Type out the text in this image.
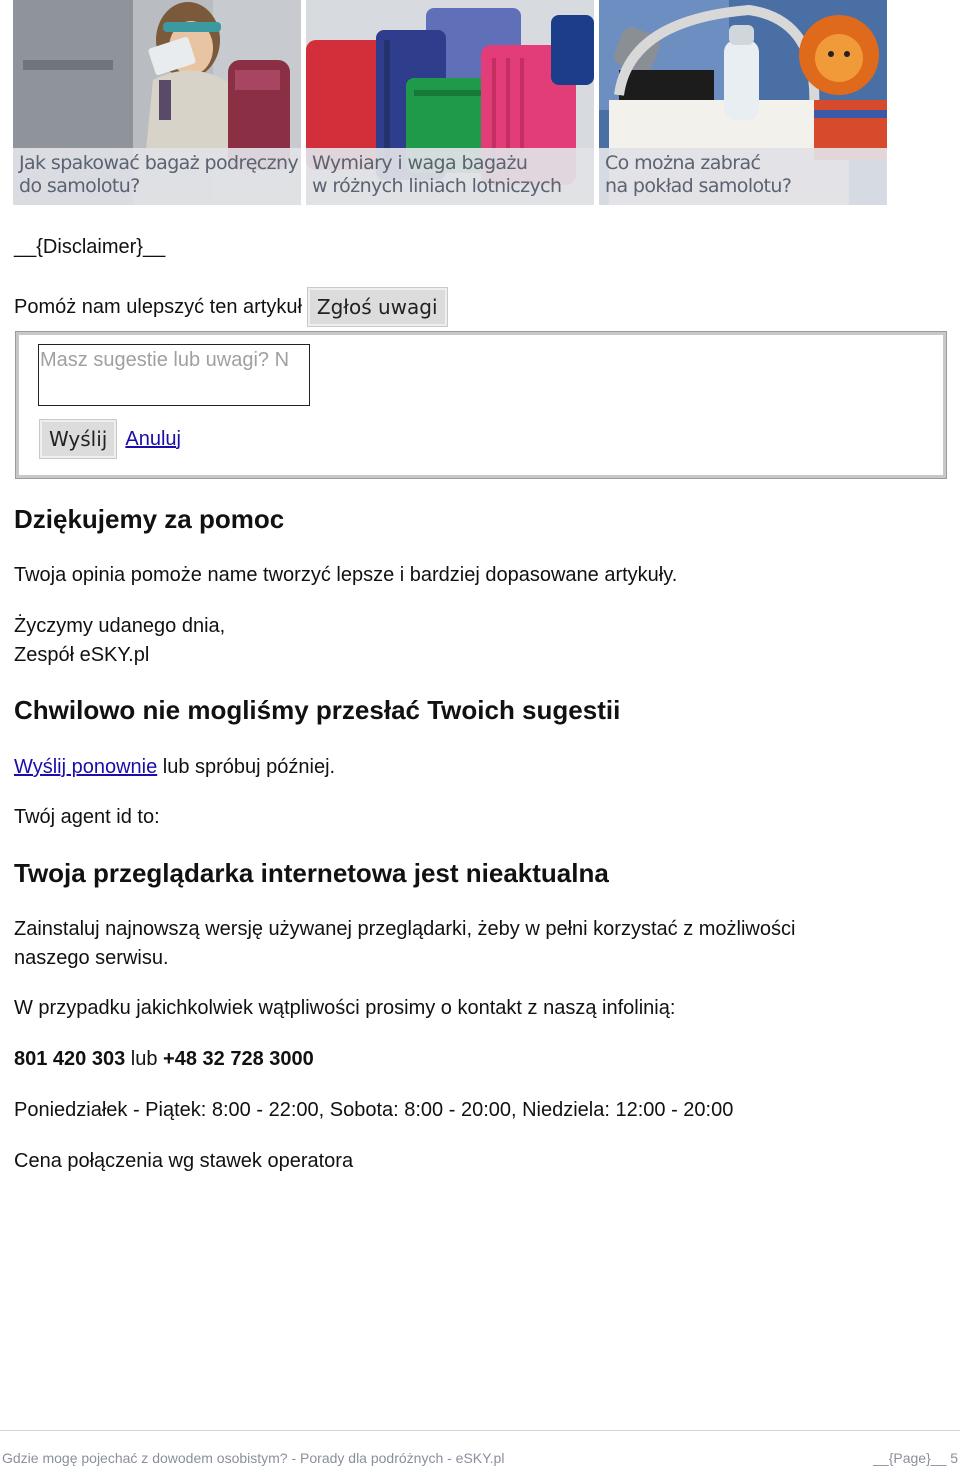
Jak spakować bagaż podręczny
do samolotu?
Wymiary i waga bagażu
w różnych liniach lotniczych
Co można zabrać
na pokład samolotu?
__{Disclaimer}__
Pomóż nam ulepszyć ten artykuł Zgłoś uwagi
Masz sugestie lub uwagi? N
Wyślij Anuluj
Dziękujemy za pomoc

Twoja opinia pomoże name tworzyć lepsze i bardziej dopasowane artykuły.

Życzymy udanego dnia,

Zespół eSKY.pl

Chwilowo nie mogliśmy przesłać Twoich sugestii

Wyślij ponownie lub spróbuj później.

Twój agent id to:

Twoja przeglądarka internetowa jest nieaktualna

Zainstaluj najnowszą wersję używanej przeglądarki, żeby w pełni korzystać z możliwości

naszego serwisu.

W przypadku jakichkolwiek wątpliwości prosimy o kontakt z naszą infolinią:

801 420 303 lub +48 32 728 3000

Poniedziałek - Piątek: 8:00 - 22:00, Sobota: 8:00 - 20:00, Niedziela: 12:00 - 20:00

Cena połączenia wg stawek operatora

Gdzie mogę pojechać z dowodem osobistym? - Porady dla podróżnych - eSKY.pl	__{Page}__ 5
